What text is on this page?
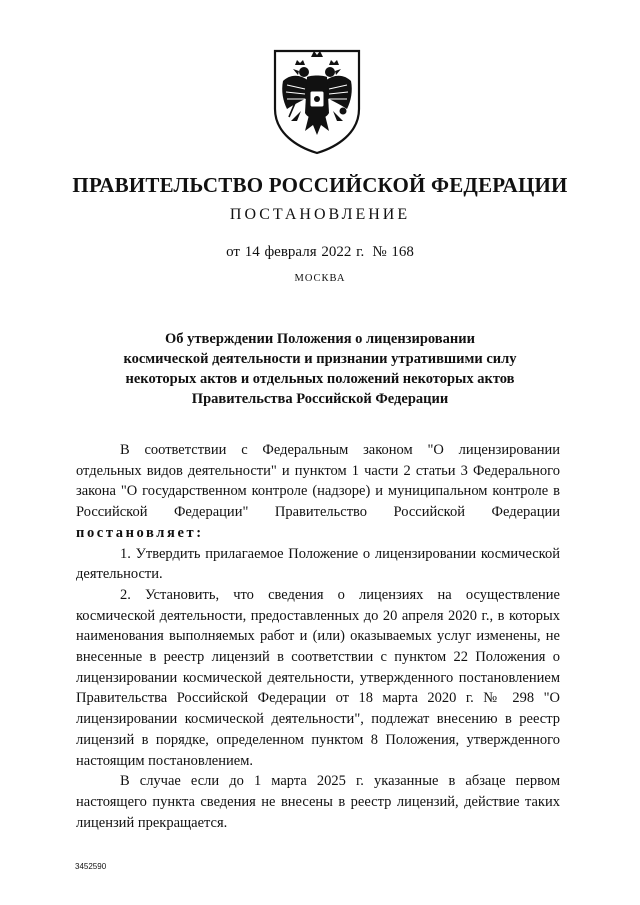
ПРАВИТЕЛЬСТВО РОССИЙСКОЙ ФЕДЕРАЦИИ
ПОСТАНОВЛЕНИЕ
от 14 февраля 2022 г. № 168
МОСКВА
Об утверждении Положения о лицензировании
космической деятельности и признании утратившими силу
некоторых актов и отдельных положений некоторых актов
Правительства Российской Федерации

В соответствии с Федеральным законом "О лицензировании отдельных видов деятельности" и пунктом 1 части 2 статьи 3 Федерального закона "О государственном контроле (надзоре) и муниципальном контроле в Российской Федерации" Правительство Российской Федерации постановляет:

1. Утвердить прилагаемое Положение о лицензировании космической деятельности.

2. Установить, что сведения о лицензиях на осуществление космической деятельности, предоставленных до 20 апреля 2020 г., в которых наименования выполняемых работ и (или) оказываемых услуг изменены, не внесенные в реестр лицензий в соответствии с пунктом 22 Положения о лицензировании космической деятельности, утвержденного постановлением Правительства Российской Федерации от 18 марта 2020 г. № 298 "О лицензировании космической деятельности", подлежат внесению в реестр лицензий в порядке, определенном пунктом 8 Положения, утвержденного настоящим постановлением.

В случае если до 1 марта 2025 г. указанные в абзаце первом настоящего пункта сведения не внесены в реестр лицензий, действие таких лицензий прекращается.

3452590
